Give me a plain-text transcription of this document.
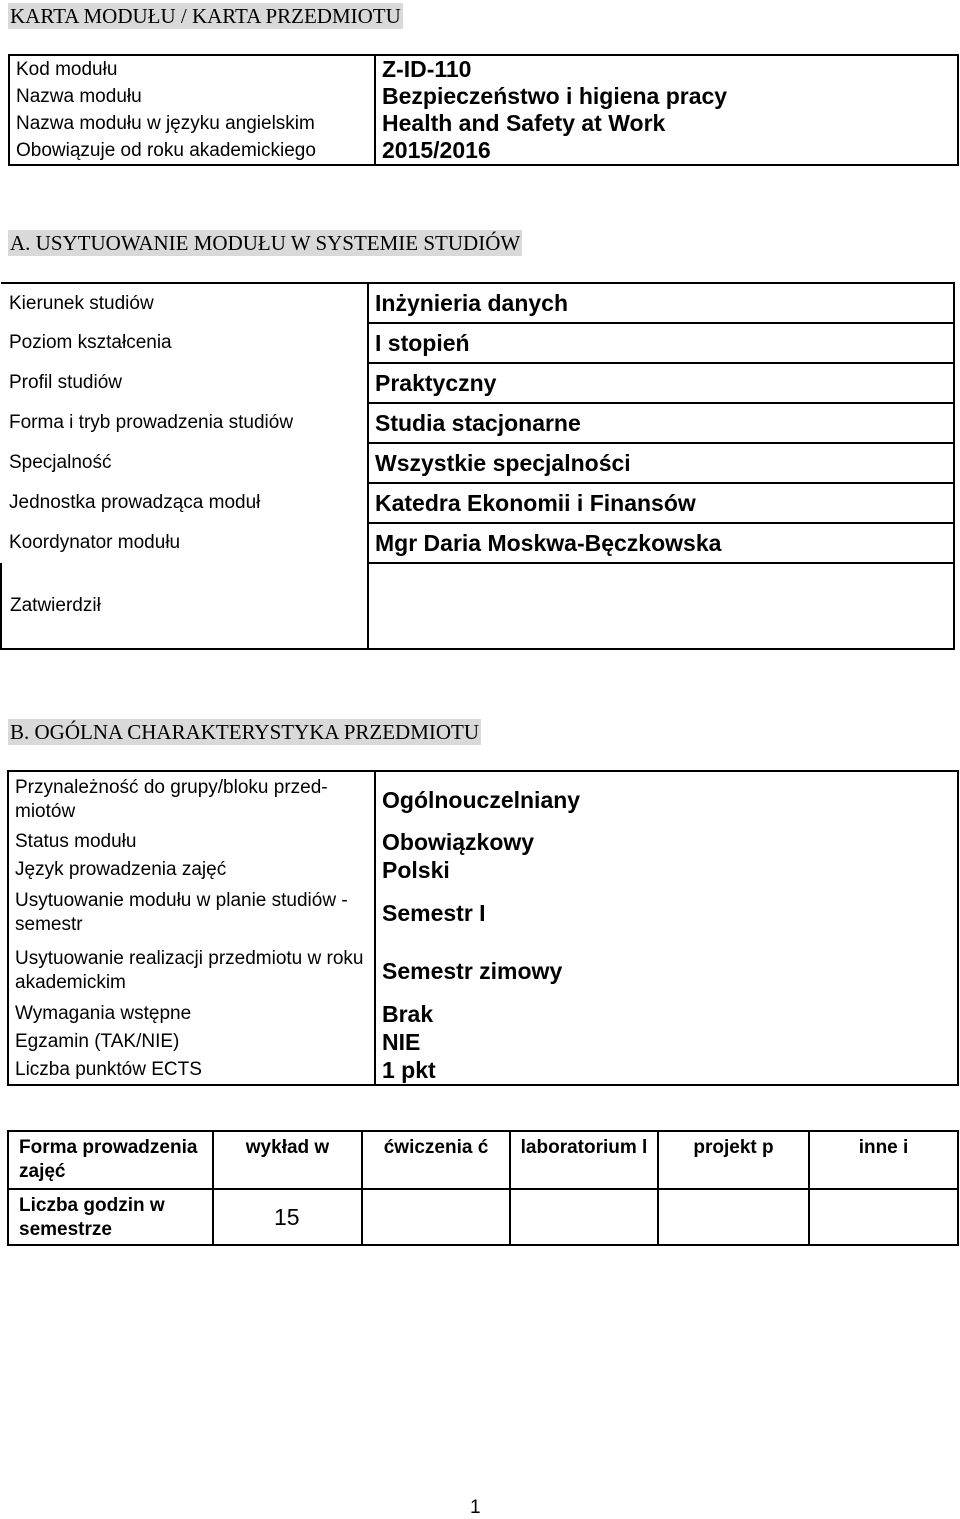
KARTA MODUŁU / KARTA PRZEDMIOTU
Kod modułu	Z-ID-110
Nazwa modułu	Bezpieczeństwo i higiena pracy
Nazwa modułu w języku angielskim	Health and Safety at Work
Obowiązuje od roku akademickiego	2015/2016
A. USYTUOWANIE MODUŁU W SYSTEMIE STUDIÓW
Kierunek studiów	Inżynieria danych
Poziom kształcenia	I stopień
Profil studiów	Praktyczny
Forma i tryb prowadzenia studiów	Studia stacjonarne
Specjalność	Wszystkie specjalności
Jednostka prowadząca moduł	Katedra Ekonomii i Finansów
Koordynator modułu	Mgr Daria Moskwa-Bęczkowska
Zatwierdził	
B. OGÓLNA CHARAKTERYSTYKA PRZEDMIOTU
Przynależność do grupy/bloku przed-miotów	Ogólnouczelniany
Status modułu	Obowiązkowy
Język prowadzenia zajęć	Polski
Usytuowanie modułu w planie studiów - semestr	Semestr I
Usytuowanie realizacji przedmiotu w roku akademickim	Semestr zimowy
Wymagania wstępne	Brak
Egzamin (TAK/NIE)	NIE
Liczba punktów ECTS	1 pkt
Forma prowadzenia zajęć	wykład w	ćwiczenia ć	laboratorium l	projekt p	inne i
Liczba godzin w semestrze	15				
1
